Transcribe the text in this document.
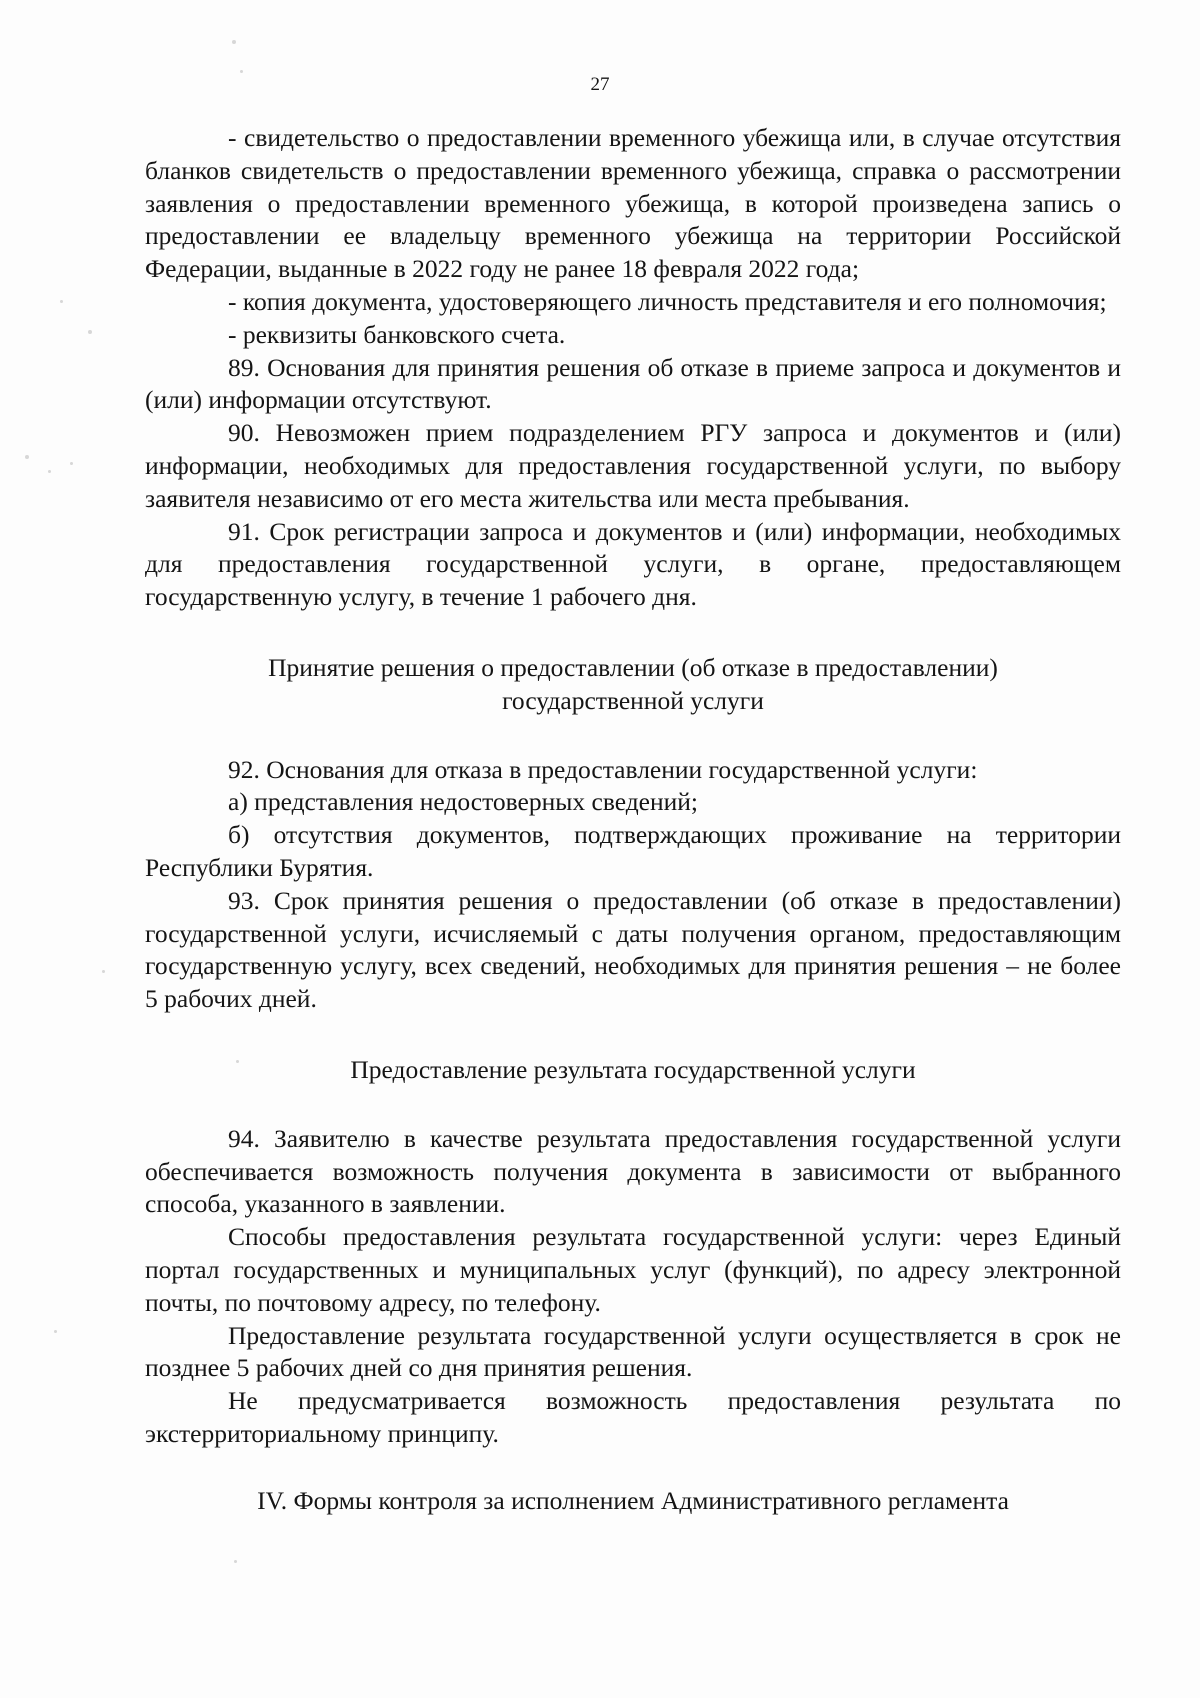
27

- свидетельство о предоставлении временного убежища или, в случае отсутствия бланков свидетельств о предоставлении временного убежища, справка о рассмотрении заявления о предоставлении временного убежища, в которой произведена запись о предоставлении ее владельцу временного убежища на территории Российской Федерации, выданные в 2022 году не ранее 18 февраля 2022 года;

- копия документа, удостоверяющего личность представителя и его полномочия;

- реквизиты банковского счета.

89. Основания для принятия решения об отказе в приеме запроса и документов и (или) информации отсутствуют.

90. Невозможен прием подразделением РГУ запроса и документов и (или) информации, необходимых для предоставления государственной услуги, по выбору заявителя независимо от его места жительства или места пребывания.

91. Срок регистрации запроса и документов и (или) информации, необходимых для предоставления государственной услуги, в органе, предоставляющем государственную услугу, в течение 1 рабочего дня.

Принятие решения о предоставлении (об отказе в предоставлении)
государственной услуги

92. Основания для отказа в предоставлении государственной услуги:

а) представления недостоверных сведений;

б) отсутствия документов, подтверждающих проживание на территории Республики Бурятия.

93. Срок принятия решения о предоставлении (об отказе в предоставлении) государственной услуги, исчисляемый с даты получения органом, предоставляющим государственную услугу, всех сведений, необходимых для принятия решения – не более 5 рабочих дней.

Предоставление результата государственной услуги

94. Заявителю в качестве результата предоставления государственной услуги обеспечивается возможность получения документа в зависимости от выбранного способа, указанного в заявлении.

Способы предоставления результата государственной услуги: через Единый портал государственных и муниципальных услуг (функций), по адресу электронной почты, по почтовому адресу, по телефону.

Предоставление результата государственной услуги осуществляется в срок не позднее 5 рабочих дней со дня принятия решения.

Не предусматривается возможность предоставления результата по экстерриториальному принципу.

IV. Формы контроля за исполнением Административного регламента
